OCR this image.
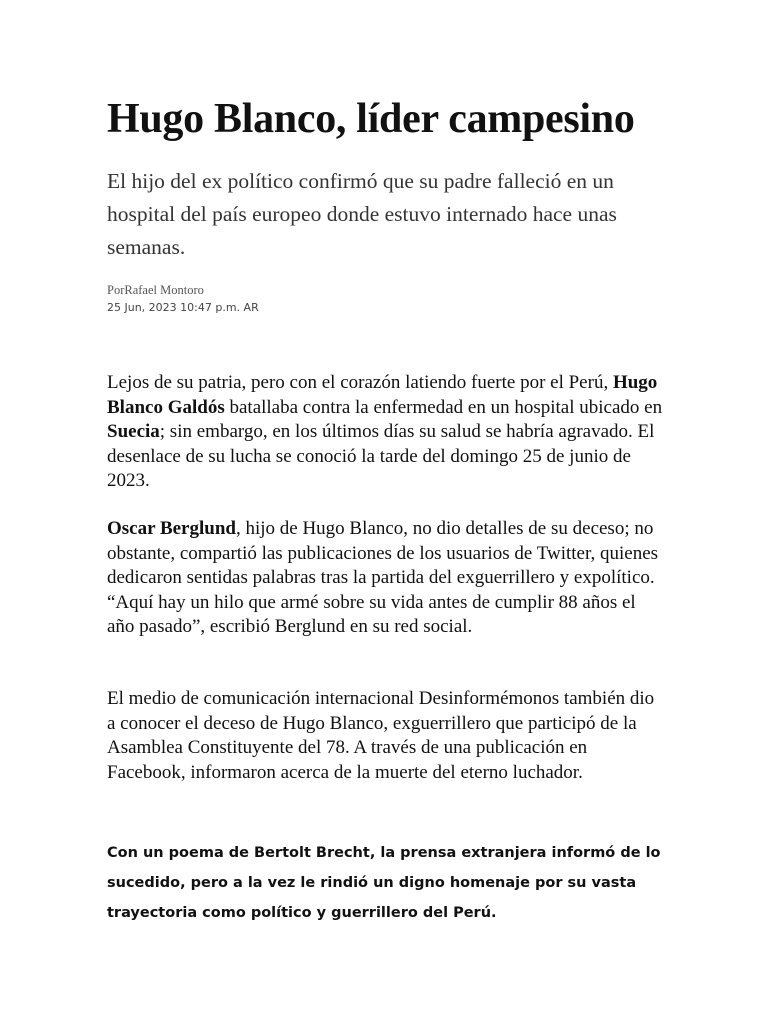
Hugo Blanco, líder campesino

El hijo del ex político confirmó que su padre falleció en un hospital del país europeo donde estuvo internado hace unas semanas.

PorRafael Montoro

25 Jun, 2023 10:47 p.m. AR

Lejos de su patria, pero con el corazón latiendo fuerte por el Perú, Hugo Blanco Galdós batallaba contra la enfermedad en un hospital ubicado en Suecia; sin embargo, en los últimos días su salud se habría agravado. El desenlace de su lucha se conoció la tarde del domingo 25 de junio de 2023.

Oscar Berglund, hijo de Hugo Blanco, no dio detalles de su deceso; no obstante, compartió las publicaciones de los usuarios de Twitter, quienes dedicaron sentidas palabras tras la partida del exguerrillero y expolítico. “Aquí hay un hilo que armé sobre su vida antes de cumplir 88 años el año pasado”, escribió Berglund en su red social.

El medio de comunicación internacional Desinformémonos también dio a conocer el deceso de Hugo Blanco, exguerrillero que participó de la Asamblea Constituyente del 78. A través de una publicación en Facebook, informaron acerca de la muerte del eterno luchador.

Con un poema de Bertolt Brecht, la prensa extranjera informó de lo sucedido, pero a la vez le rindió un digno homenaje por su vasta trayectoria como político y guerrillero del Perú.
